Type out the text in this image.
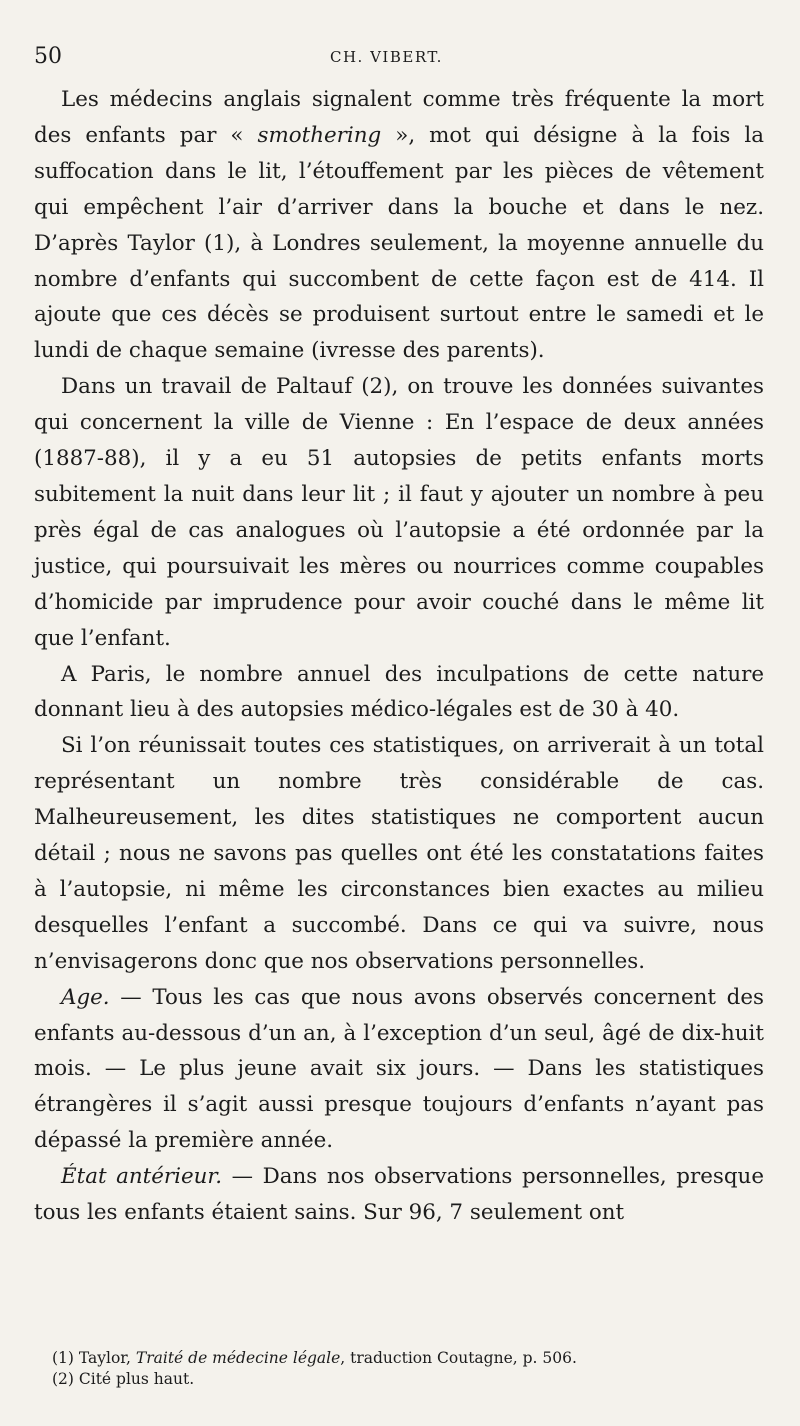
50	CH. VIBERT.

Les médecins anglais signalent comme très fréquente la mort des enfants par « smothering », mot qui désigne à la fois la suffocation dans le lit, l’étouffement par les pièces de vêtement qui empêchent l’air d’arriver dans la bouche et dans le nez. D’après Taylor (1), à Londres seulement, la moyenne annuelle du nombre d’enfants qui succombent de cette façon est de 414. Il ajoute que ces décès se produisent surtout entre le samedi et le lundi de chaque semaine (ivresse des parents).

Dans un travail de Paltauf (2), on trouve les données suivantes qui concernent la ville de Vienne : En l’espace de deux années (1887-88), il y a eu 51 autopsies de petits enfants morts subitement la nuit dans leur lit ; il faut y ajouter un nombre à peu près égal de cas analogues où l’autopsie a été ordonnée par la justice, qui poursuivait les mères ou nourrices comme coupables d’homicide par imprudence pour avoir couché dans le même lit que l’enfant.

A Paris, le nombre annuel des inculpations de cette nature donnant lieu à des autopsies médico-légales est de 30 à 40.

Si l’on réunissait toutes ces statistiques, on arriverait à un total représentant un nombre très considérable de cas. Malheureusement, les dites statistiques ne comportent aucun détail ; nous ne savons pas quelles ont été les constatations faites à l’autopsie, ni même les circonstances bien exactes au milieu desquelles l’enfant a succombé. Dans ce qui va suivre, nous n’envisagerons donc que nos observations personnelles.

Age. — Tous les cas que nous avons observés concernent des enfants au-dessous d’un an, à l’exception d’un seul, âgé de dix-huit mois. — Le plus jeune avait six jours. — Dans les statistiques étrangères il s’agit aussi presque toujours d’enfants n’ayant pas dépassé la première année.

État antérieur. — Dans nos observations personnelles, presque tous les enfants étaient sains. Sur 96, 7 seulement ont

(1) Taylor, Traité de médecine légale, traduction Coutagne, p. 506.

(2) Cité plus haut.
